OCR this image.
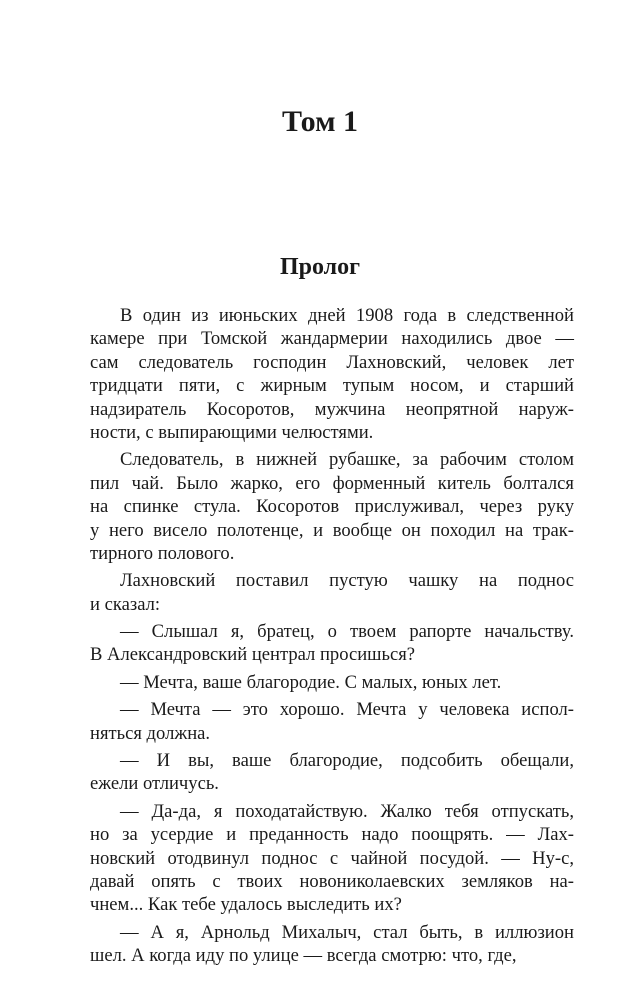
Том 1
Пролог
В один из июньских дней 1908 года в следственной
камере при Томской жандармерии находились двое —
сам следователь господин Лахновский, человек лет
тридцати пяти, с жирным тупым носом, и старший
надзиратель Косоротов, мужчина неопрятной наруж-
ности, с выпирающими челюстями.
Следователь, в нижней рубашке, за рабочим столом
пил чай. Было жарко, его форменный китель болтался
на спинке стула. Косоротов прислуживал, через руку
у него висело полотенце, и вообще он походил на трак-
тирного полового.
Лахновский поставил пустую чашку на поднос
и сказал:
— Слышал я, братец, о твоем рапорте начальству.
В Александровский централ просишься?
— Мечта, ваше благородие. С малых, юных лет.
— Мечта — это хорошо. Мечта у человека испол-
няться должна.
— И вы, ваше благородие, подсобить обещали,
ежели отличусь.
— Да-да, я походатайствую. Жалко тебя отпускать,
но за усердие и преданность надо поощрять. — Лах-
новский отодвинул поднос с чайной посудой. — Ну-с,
давай опять с твоих новониколаевских земляков на-
чнем... Как тебе удалось выследить их?
— А я, Арнольд Михалыч, стал быть, в иллюзион
шел. А когда иду по улице — всегда смотрю: что, где,
